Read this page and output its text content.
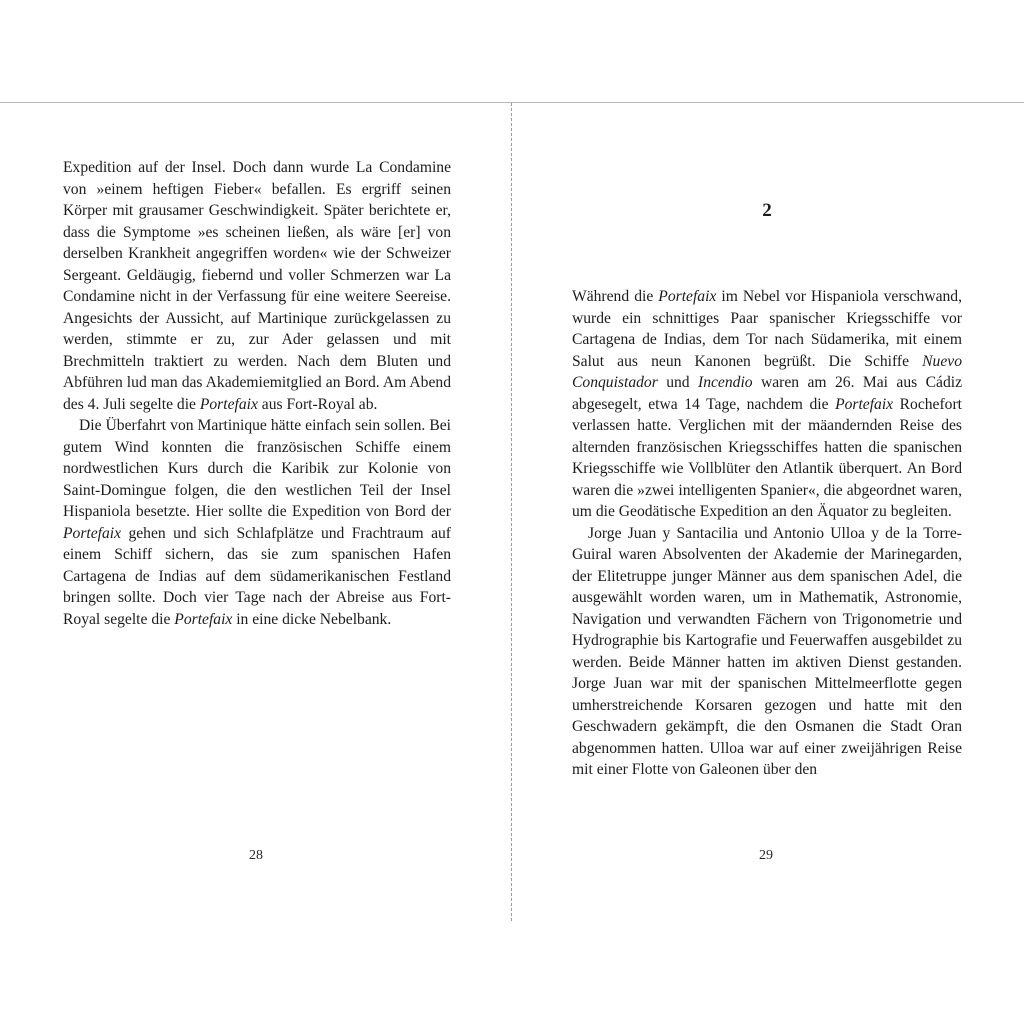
Expedition auf der Insel. Doch dann wurde La Condamine von »einem heftigen Fieber« befallen. Es ergriff seinen Körper mit grausamer Geschwindigkeit. Später berichtete er, dass die Symptome »es scheinen ließen, als wäre [er] von derselben Krankheit angegriffen worden« wie der Schweizer Sergeant. Geldäugig, fiebernd und voller Schmerzen war La Condamine nicht in der Verfassung für eine weitere Seereise. Angesichts der Aussicht, auf Martinique zurückgelassen zu werden, stimmte er zu, zur Ader gelassen und mit Brechmitteln traktiert zu werden. Nach dem Bluten und Abführen lud man das Akademiemitglied an Bord. Am Abend des 4. Juli segelte die Portefaix aus Fort-Royal ab.

Die Überfahrt von Martinique hätte einfach sein sollen. Bei gutem Wind konnten die französischen Schiffe einem nordwestlichen Kurs durch die Karibik zur Kolonie von Saint-Domingue folgen, die den westlichen Teil der Insel Hispaniola besetzte. Hier sollte die Expedition von Bord der Portefaix gehen und sich Schlafplätze und Frachtraum auf einem Schiff sichern, das sie zum spanischen Hafen Cartagena de Indias auf dem südamerikanischen Festland bringen sollte. Doch vier Tage nach der Abreise aus Fort-Royal segelte die Portefaix in eine dicke Nebelbank.

2

Während die Portefaix im Nebel vor Hispaniola verschwand, wurde ein schnittiges Paar spanischer Kriegsschiffe vor Cartagena de Indias, dem Tor nach Südamerika, mit einem Salut aus neun Kanonen begrüßt. Die Schiffe Nuevo Conquistador und Incendio waren am 26. Mai aus Cádiz abgesegelt, etwa 14 Tage, nachdem die Portefaix Rochefort verlassen hatte. Verglichen mit der mäandernden Reise des alternden französischen Kriegsschiffes hatten die spanischen Kriegsschiffe wie Vollblüter den Atlantik überquert. An Bord waren die »zwei intelligenten Spanier«, die abgeordnet waren, um die Geodätische Expedition an den Äquator zu begleiten.

Jorge Juan y Santacilia und Antonio Ulloa y de la Torre-Guiral waren Absolventen der Akademie der Marinegarden, der Elitetruppe junger Männer aus dem spanischen Adel, die ausgewählt worden waren, um in Mathematik, Astronomie, Navigation und verwandten Fächern von Trigonometrie und Hydrographie bis Kartografie und Feuerwaffen ausgebildet zu werden. Beide Männer hatten im aktiven Dienst gestanden. Jorge Juan war mit der spanischen Mittelmeerflotte gegen umherstreichende Korsaren gezogen und hatte mit den Geschwadern gekämpft, die den Osmanen die Stadt Oran abgenommen hatten. Ulloa war auf einer zweijährigen Reise mit einer Flotte von Galeonen über den

28	29
